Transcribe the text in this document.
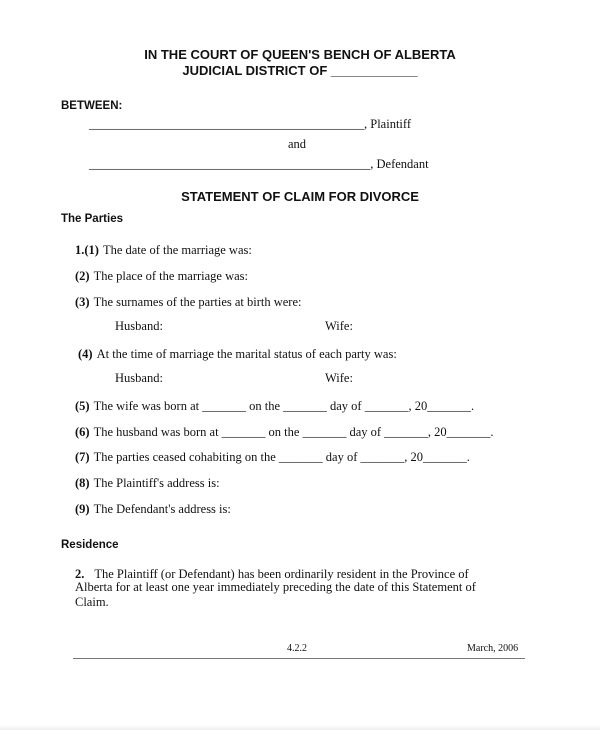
IN THE COURT OF QUEEN'S BENCH OF ALBERTA
JUDICIAL DISTRICT OF ____________
BETWEEN:
____________________________________________, Plaintiff
and
_____________________________________________, Defendant
STATEMENT OF CLAIM FOR DIVORCE
The Parties
1.(1) The date of the marriage was:
(2) The place of the marriage was:
(3) The surnames of the parties at birth were:
Husband:	Wife:
(4) At the time of marriage the marital status of each party was:
Husband:	Wife:
(5) The wife was born at _______ on the _______ day of _______, 20_______.
(6) The husband was born at _______ on the _______ day of _______, 20_______.
(7) The parties ceased cohabiting on the _______ day of _______, 20_______.
(8) The Plaintiff's address is:
(9) The Defendant's address is:
Residence
2. The Plaintiff (or Defendant) has been ordinarily resident in the Province of
Alberta for at least one year immediately preceding the date of this Statement of
Claim.
4.2.2	March, 2006
